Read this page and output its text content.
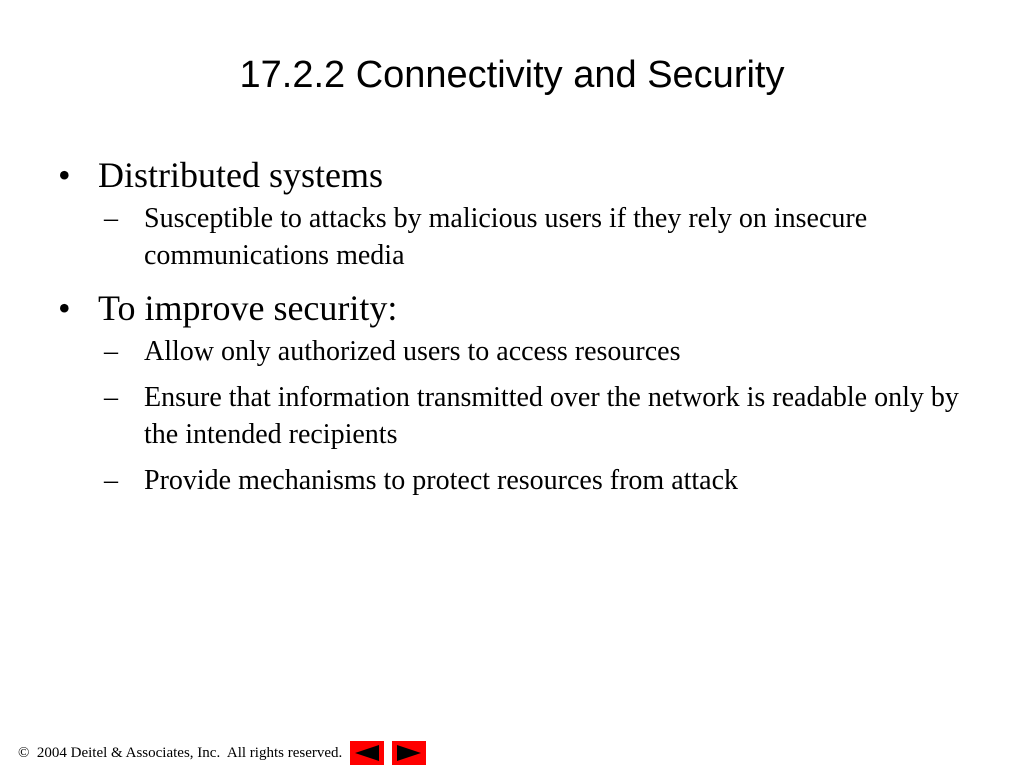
17.2.2 Connectivity and Security
• Distributed systems
– Susceptible to attacks by malicious users if they rely on insecure communications media
• To improve security:
– Allow only authorized users to access resources
– Ensure that information transmitted over the network is readable only by the intended recipients
– Provide mechanisms to protect resources from attack
©  2004 Deitel & Associates, Inc.  All rights reserved.
